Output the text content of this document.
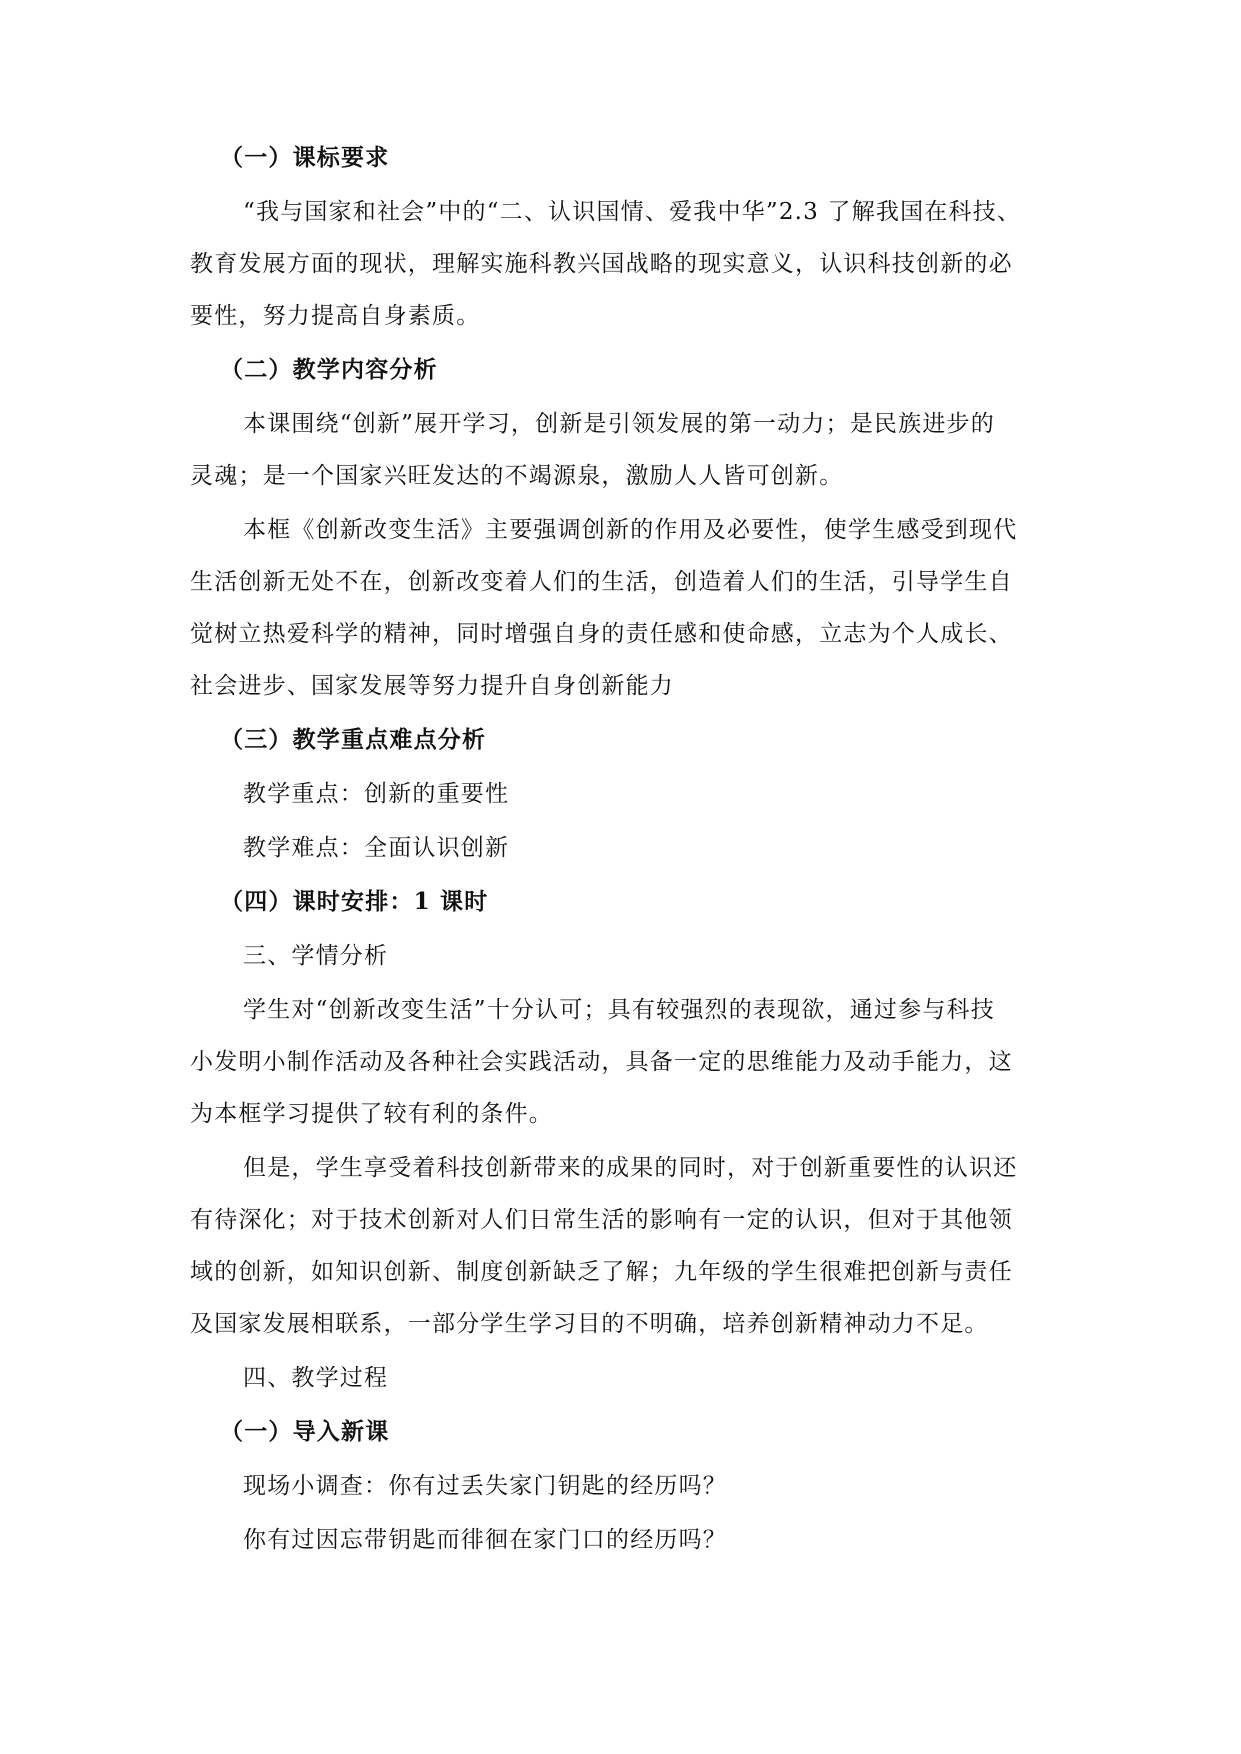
（一）课标要求
“我与国家和社会”中的“二、认识国情、爱我中华”2.3 了解我国在科技、
教育发展方面的现状，理解实施科教兴国战略的现实意义，认识科技创新的必
要性，努力提高自身素质。
（二）教学内容分析
本课围绕“创新”展开学习，创新是引领发展的第一动力；是民族进步的
灵魂；是一个国家兴旺发达的不竭源泉，激励人人皆可创新。
本框《创新改变生活》主要强调创新的作用及必要性，使学生感受到现代
生活创新无处不在，创新改变着人们的生活，创造着人们的生活，引导学生自
觉树立热爱科学的精神，同时增强自身的责任感和使命感，立志为个人成长、
社会进步、国家发展等努力提升自身创新能力
（三）教学重点难点分析
教学重点：创新的重要性
教学难点：全面认识创新
（四）课时安排：1 课时
三、学情分析
学生对“创新改变生活”十分认可；具有较强烈的表现欲，通过参与科技
小发明小制作活动及各种社会实践活动，具备一定的思维能力及动手能力，这
为本框学习提供了较有利的条件。
但是，学生享受着科技创新带来的成果的同时，对于创新重要性的认识还
有待深化；对于技术创新对人们日常生活的影响有一定的认识，但对于其他领
域的创新，如知识创新、制度创新缺乏了解；九年级的学生很难把创新与责任
及国家发展相联系，一部分学生学习目的不明确，培养创新精神动力不足。
四、教学过程
（一）导入新课
现场小调查：你有过丢失家门钥匙的经历吗？
你有过因忘带钥匙而徘徊在家门口的经历吗？
